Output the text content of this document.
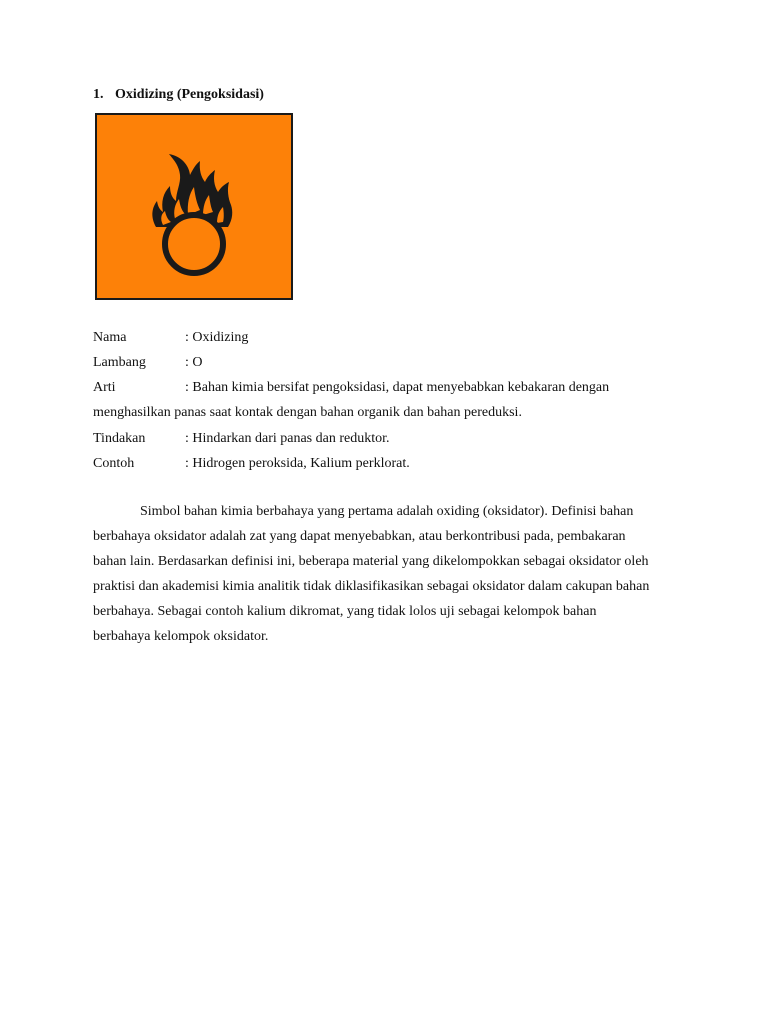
1. Oxidizing (Pengoksidasi)
Nama	: Oxidizing
Lambang	: O
Arti	: Bahan kimia bersifat pengoksidasi, dapat menyebabkan kebakaran dengan
menghasilkan panas saat kontak dengan bahan organik dan bahan pereduksi.
Tindakan	: Hindarkan dari panas dan reduktor.
Contoh	: Hidrogen peroksida, Kalium perklorat.
Simbol bahan kimia berbahaya yang pertama adalah oxiding (oksidator). Definisi bahan
berbahaya oksidator adalah zat yang dapat menyebabkan, atau berkontribusi pada, pembakaran
bahan lain. Berdasarkan definisi ini, beberapa material yang dikelompokkan sebagai oksidator oleh
praktisi dan akademisi kimia analitik tidak diklasifikasikan sebagai oksidator dalam cakupan bahan
berbahaya. Sebagai contoh kalium dikromat, yang tidak lolos uji sebagai kelompok bahan
berbahaya kelompok oksidator.
